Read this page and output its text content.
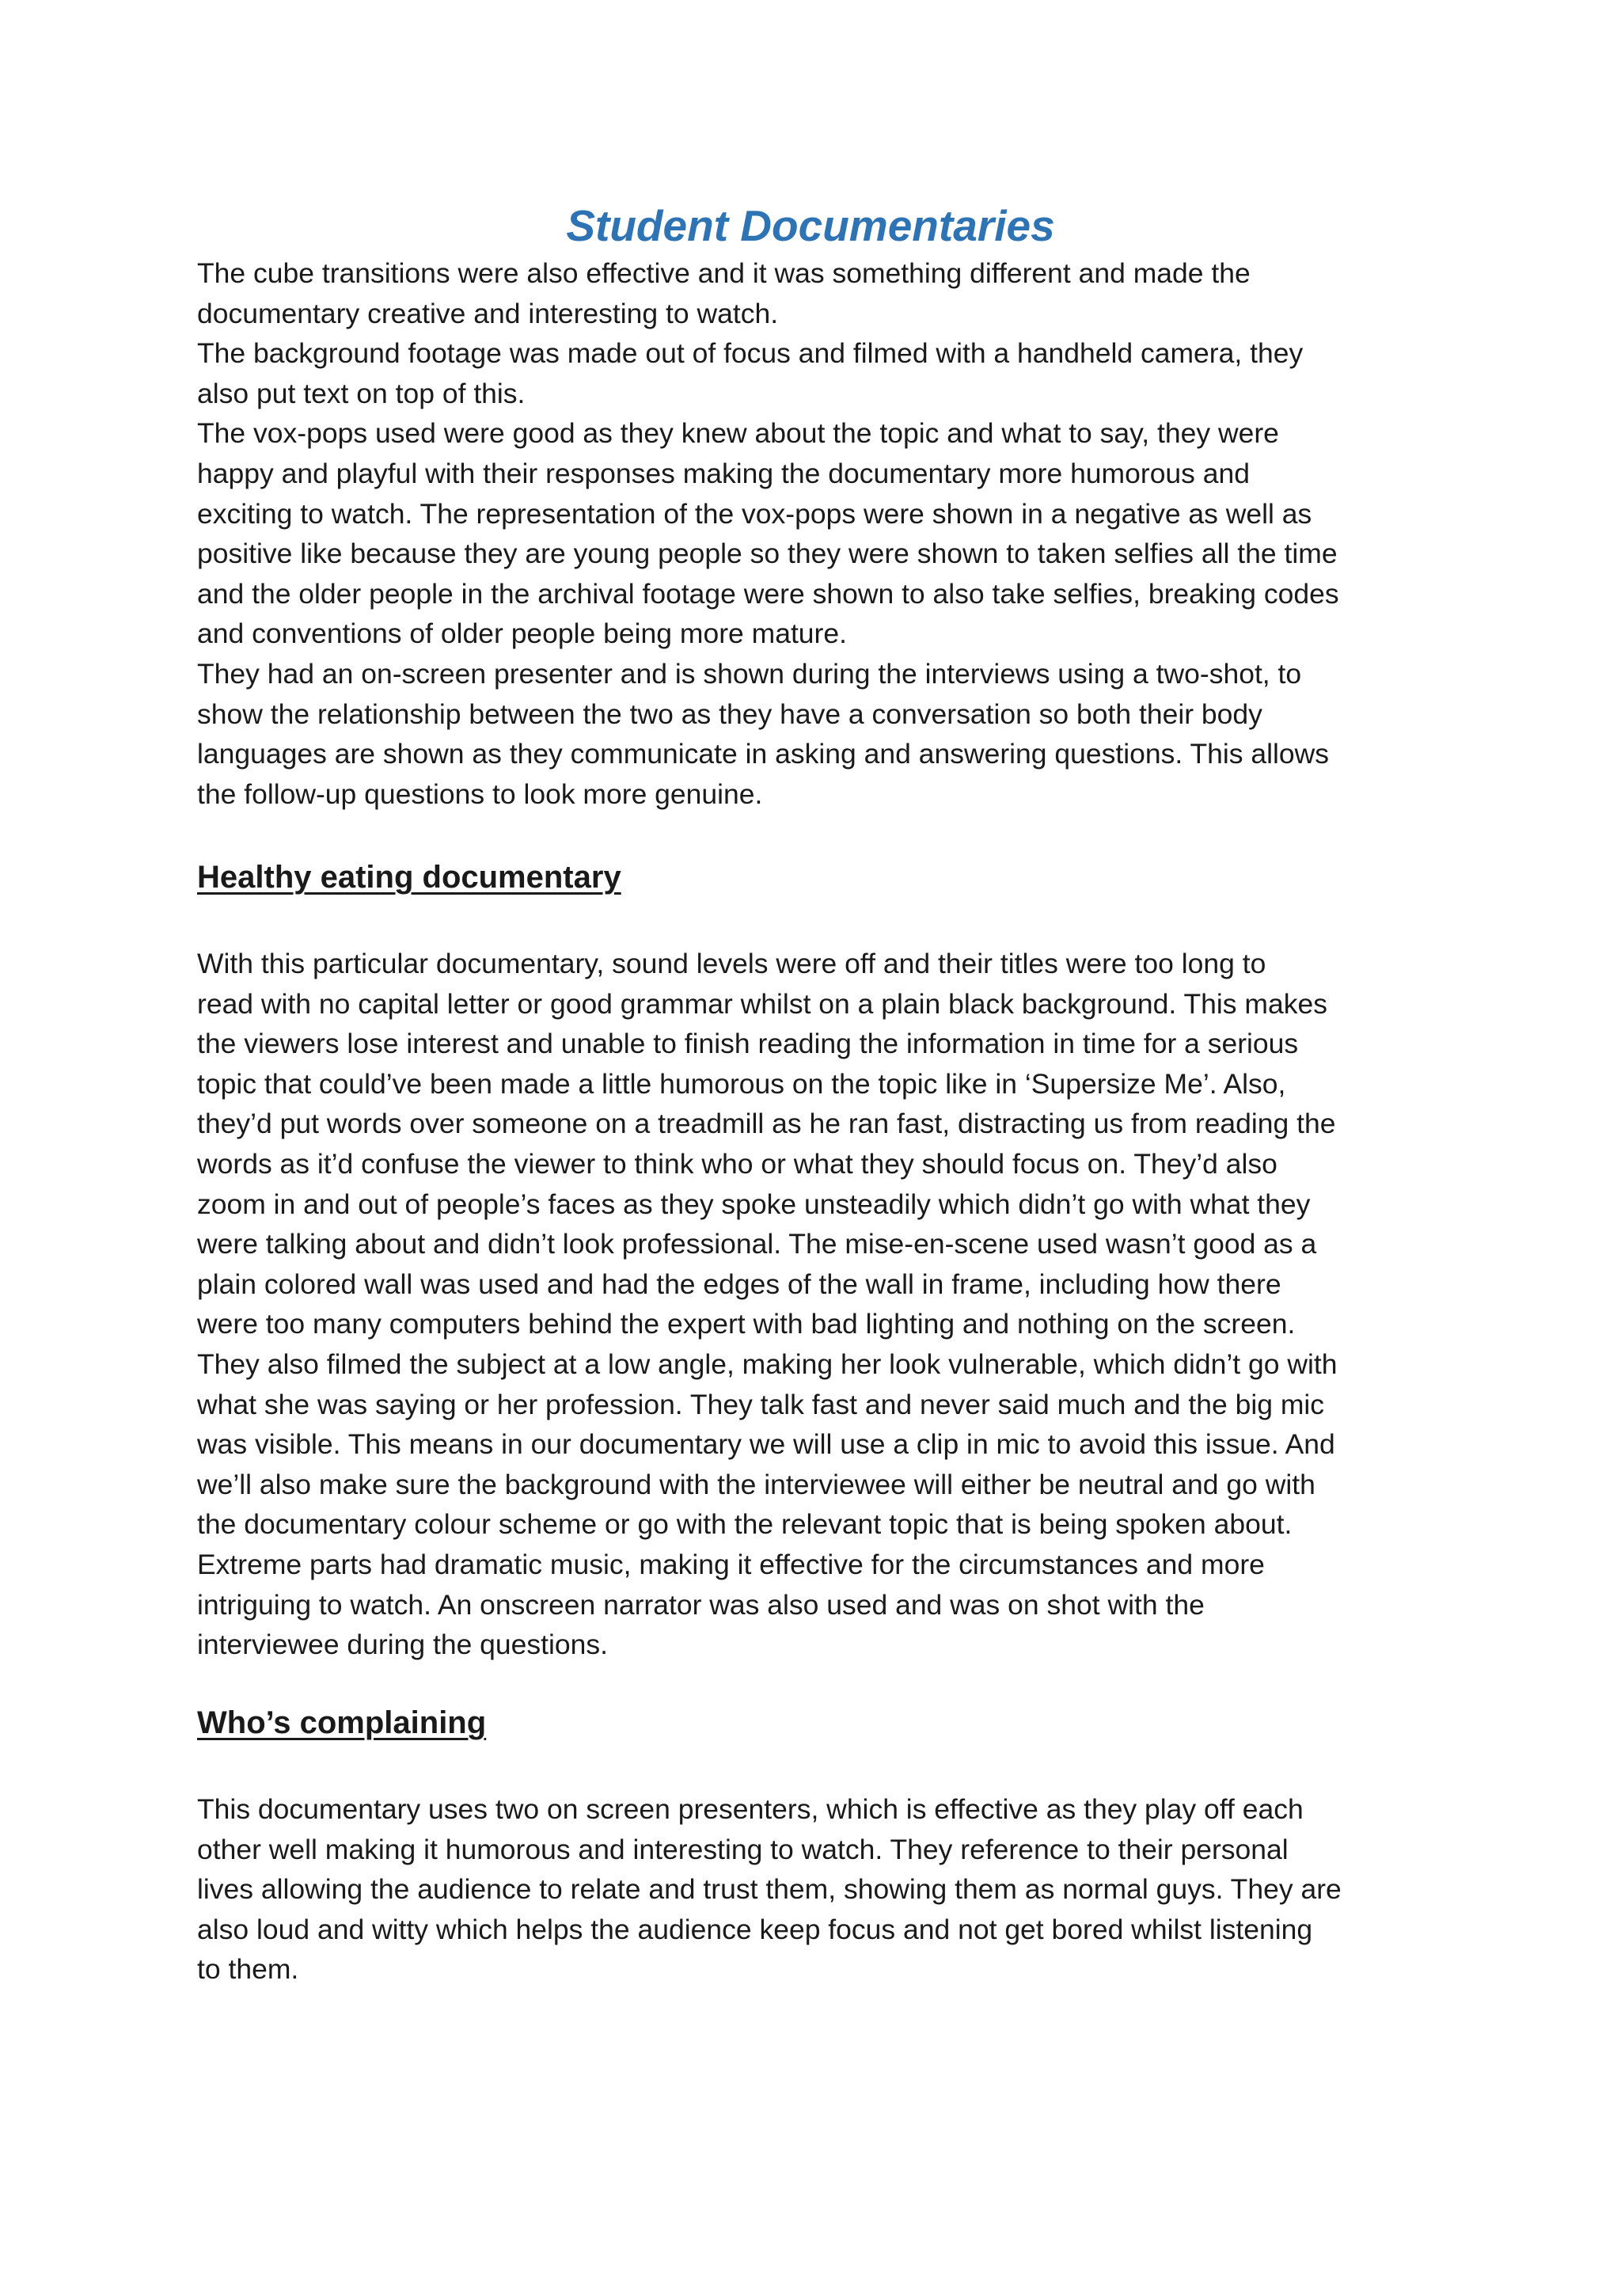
Student Documentaries
The cube transitions were also effective and it was something different and made the
documentary creative and interesting to watch.
The background footage was made out of focus and filmed with a handheld camera, they
also put text on top of this.
The vox-pops used were good as they knew about the topic and what to say, they were
happy and playful with their responses making the documentary more humorous and
exciting to watch. The representation of the vox-pops were shown in a negative as well as
positive like because they are young people so they were shown to taken selfies all the time
and the older people in the archival footage were shown to also take selfies, breaking codes
and conventions of older people being more mature.
They had an on-screen presenter and is shown during the interviews using a two-shot, to
show the relationship between the two as they have a conversation so both their body
languages are shown as they communicate in asking and answering questions. This allows
the follow-up questions to look more genuine.
Healthy eating documentary
With this particular documentary, sound levels were off and their titles were too long to
read with no capital letter or good grammar whilst on a plain black background. This makes
the viewers lose interest and unable to finish reading the information in time for a serious
topic that could’ve been made a little humorous on the topic like in ‘Supersize Me’. Also,
they’d put words over someone on a treadmill as he ran fast, distracting us from reading the
words as it’d confuse the viewer to think who or what they should focus on. They’d also
zoom in and out of people’s faces as they spoke unsteadily which didn’t go with what they
were talking about and didn’t look professional. The mise-en-scene used wasn’t good as a
plain colored wall was used and had the edges of the wall in frame, including how there
were too many computers behind the expert with bad lighting and nothing on the screen.
They also filmed the subject at a low angle, making her look vulnerable, which didn’t go with
what she was saying or her profession. They talk fast and never said much and the big mic
was visible. This means in our documentary we will use a clip in mic to avoid this issue. And
we’ll also make sure the background with the interviewee will either be neutral and go with
the documentary colour scheme or go with the relevant topic that is being spoken about.
Extreme parts had dramatic music, making it effective for the circumstances and more
intriguing to watch. An onscreen narrator was also used and was on shot with the
interviewee during the questions.
Who’s complaining
This documentary uses two on screen presenters, which is effective as they play off each
other well making it humorous and interesting to watch. They reference to their personal
lives allowing the audience to relate and trust them, showing them as normal guys. They are
also loud and witty which helps the audience keep focus and not get bored whilst listening
to them.
